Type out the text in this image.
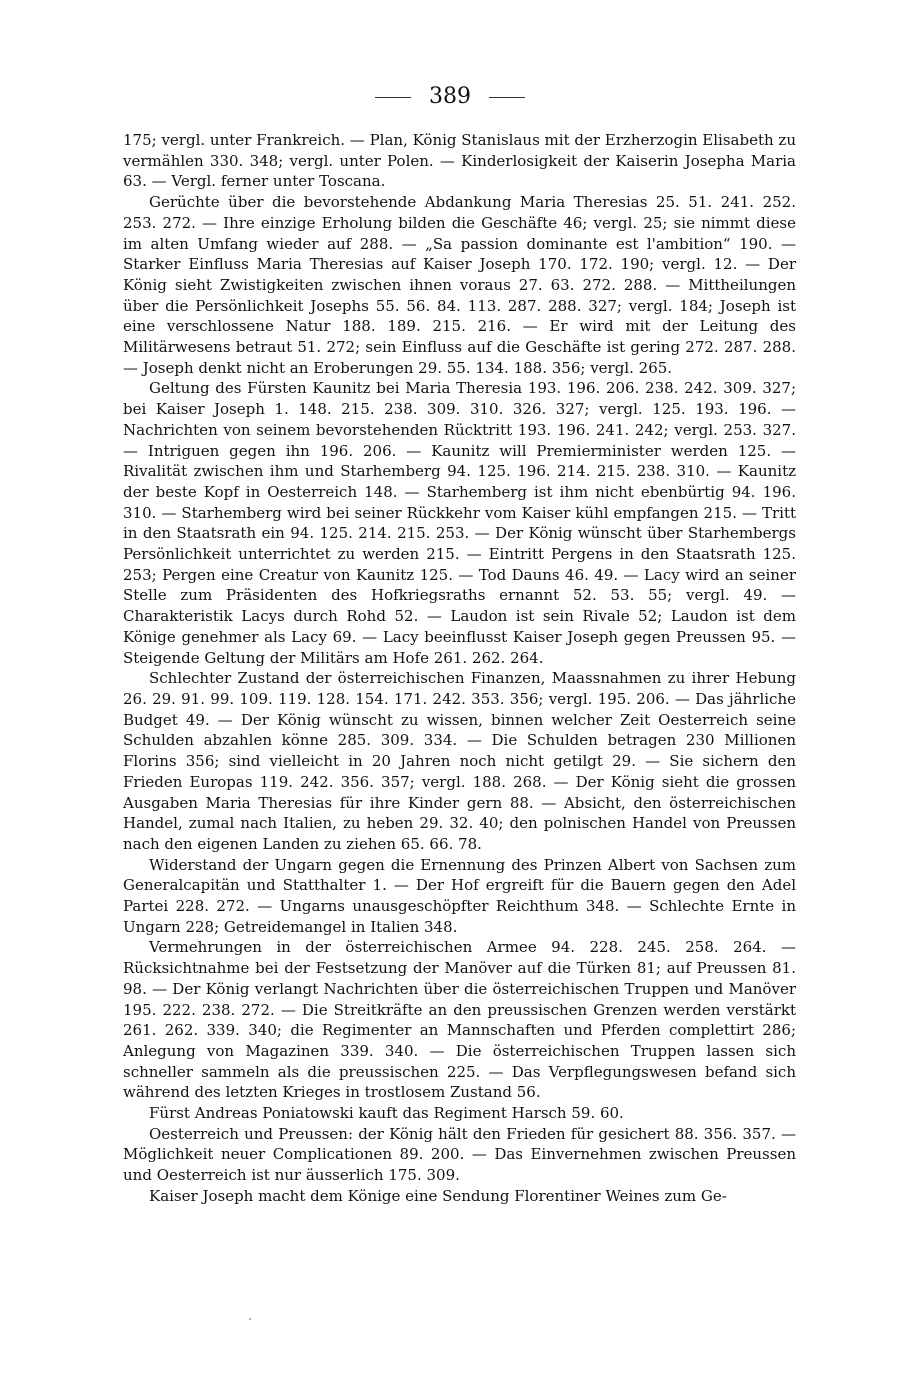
389

175; vergl. unter Frankreich. — Plan, König Stanislaus mit der Erzherzogin Elisabeth zu vermählen 330. 348; vergl. unter Polen. — Kinderlosigkeit der Kaiserin Josepha Maria 63. — Vergl. ferner unter Toscana.

Gerüchte über die bevorstehende Abdankung Maria Theresias 25. 51. 241. 252. 253. 272. — Ihre einzige Erholung bilden die Geschäfte 46; vergl. 25; sie nimmt diese im alten Umfang wieder auf 288. — „Sa passion dominante est l'ambition“ 190. — Starker Einfluss Maria Theresias auf Kaiser Joseph 170. 172. 190; vergl. 12. — Der König sieht Zwistigkeiten zwischen ihnen voraus 27. 63. 272. 288. — Mittheilungen über die Persönlichkeit Josephs 55. 56. 84. 113. 287. 288. 327; vergl. 184; Joseph ist eine verschlossene Natur 188. 189. 215. 216. — Er wird mit der Leitung des Militärwesens betraut 51. 272; sein Einfluss auf die Geschäfte ist gering 272. 287. 288. — Joseph denkt nicht an Eroberungen 29. 55. 134. 188. 356; vergl. 265.

Geltung des Fürsten Kaunitz bei Maria Theresia 193. 196. 206. 238. 242. 309. 327; bei Kaiser Joseph 1. 148. 215. 238. 309. 310. 326. 327; vergl. 125. 193. 196. — Nachrichten von seinem bevorstehenden Rücktritt 193. 196. 241. 242; vergl. 253. 327. — Intriguen gegen ihn 196. 206. — Kaunitz will Premierminister werden 125. — Rivalität zwischen ihm und Starhemberg 94. 125. 196. 214. 215. 238. 310. — Kaunitz der beste Kopf in Oesterreich 148. — Starhemberg ist ihm nicht ebenbürtig 94. 196. 310. — Starhemberg wird bei seiner Rückkehr vom Kaiser kühl empfangen 215. — Tritt in den Staatsrath ein 94. 125. 214. 215. 253. — Der König wünscht über Starhembergs Persönlichkeit unterrichtet zu werden 215. — Eintritt Pergens in den Staatsrath 125. 253; Pergen eine Creatur von Kaunitz 125. — Tod Dauns 46. 49. — Lacy wird an seiner Stelle zum Präsidenten des Hofkriegsraths ernannt 52. 53. 55; vergl. 49. — Charakteristik Lacys durch Rohd 52. — Laudon ist sein Rivale 52; Laudon ist dem Könige genehmer als Lacy 69. — Lacy beeinflusst Kaiser Joseph gegen Preussen 95. — Steigende Geltung der Militärs am Hofe 261. 262. 264.

Schlechter Zustand der österreichischen Finanzen, Maassnahmen zu ihrer Hebung 26. 29. 91. 99. 109. 119. 128. 154. 171. 242. 353. 356; vergl. 195. 206. — Das jährliche Budget 49. — Der König wünscht zu wissen, binnen welcher Zeit Oesterreich seine Schulden abzahlen könne 285. 309. 334. — Die Schulden betragen 230 Millionen Florins 356; sind vielleicht in 20 Jahren noch nicht getilgt 29. — Sie sichern den Frieden Europas 119. 242. 356. 357; vergl. 188. 268. — Der König sieht die grossen Ausgaben Maria Theresias für ihre Kinder gern 88. — Absicht, den österreichischen Handel, zumal nach Italien, zu heben 29. 32. 40; den polnischen Handel von Preussen nach den eigenen Landen zu ziehen 65. 66. 78.

Widerstand der Ungarn gegen die Ernennung des Prinzen Albert von Sachsen zum Generalcapitän und Statthalter 1. — Der Hof ergreift für die Bauern gegen den Adel Partei 228. 272. — Ungarns unausgeschöpfter Reichthum 348. — Schlechte Ernte in Ungarn 228; Getreidemangel in Italien 348.

Vermehrungen in der österreichischen Armee 94. 228. 245. 258. 264. — Rücksichtnahme bei der Festsetzung der Manöver auf die Türken 81; auf Preussen 81. 98. — Der König verlangt Nachrichten über die österreichischen Truppen und Manöver 195. 222. 238. 272. — Die Streitkräfte an den preussischen Grenzen werden verstärkt 261. 262. 339. 340; die Regimenter an Mannschaften und Pferden complettirt 286; Anlegung von Magazinen 339. 340. — Die österreichischen Truppen lassen sich schneller sammeln als die preussischen 225. — Das Verpflegungswesen befand sich während des letzten Krieges in trostlosem Zustand 56.

Fürst Andreas Poniatowski kauft das Regiment Harsch 59. 60.

Oesterreich und Preussen: der König hält den Frieden für gesichert 88. 356. 357. — Möglichkeit neuer Complicationen 89. 200. — Das Einvernehmen zwischen Preussen und Oesterreich ist nur äusserlich 175. 309.

Kaiser Joseph macht dem Könige eine Sendung Florentiner Weines zum Ge-
